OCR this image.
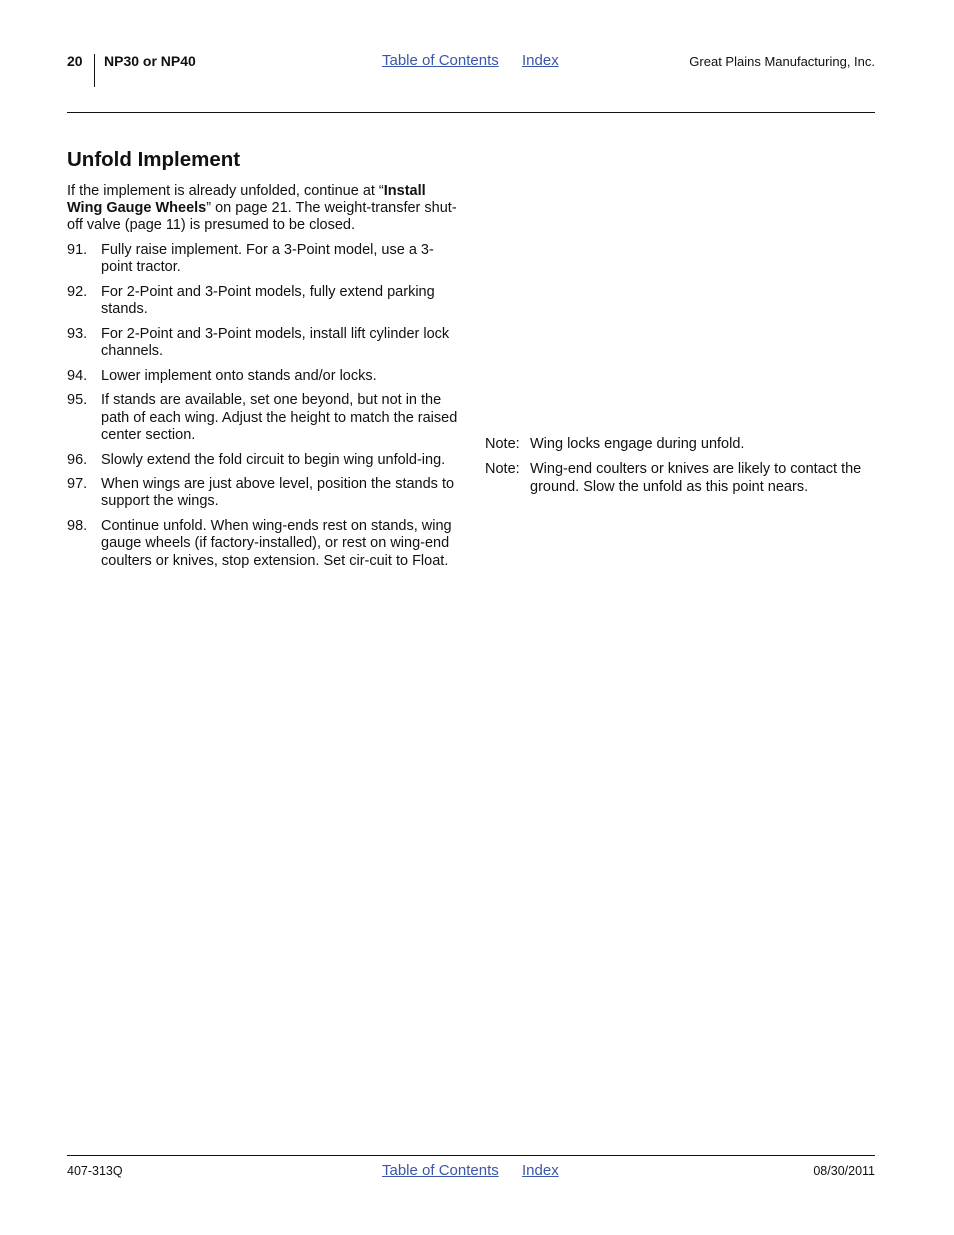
20 NP30 or NP40	Table of Contents Index	Great Plains Manufacturing, Inc.
Unfold Implement
If the implement is already unfolded, continue at “Install Wing Gauge Wheels” on page 21. The weight-transfer shut-off valve (page 11) is presumed to be closed.
91. Fully raise implement. For a 3-Point model, use a 3-point tractor.
92. For 2-Point and 3-Point models, fully extend parking stands.
93. For 2-Point and 3-Point models, install lift cylinder lock channels.
94. Lower implement onto stands and/or locks.
95. If stands are available, set one beyond, but not in the path of each wing. Adjust the height to match the raised center section.
96. Slowly extend the fold circuit to begin wing unfold-ing.
97. When wings are just above level, position the stands to support the wings.
98. Continue unfold. When wing-ends rest on stands, wing gauge wheels (if factory-installed), or rest on wing-end coulters or knives, stop extension. Set cir-cuit to Float.
Note: Wing locks engage during unfold.
Note: Wing-end coulters or knives are likely to contact the ground. Slow the unfold as this point nears.
407-313Q	Table of Contents Index	08/30/2011
